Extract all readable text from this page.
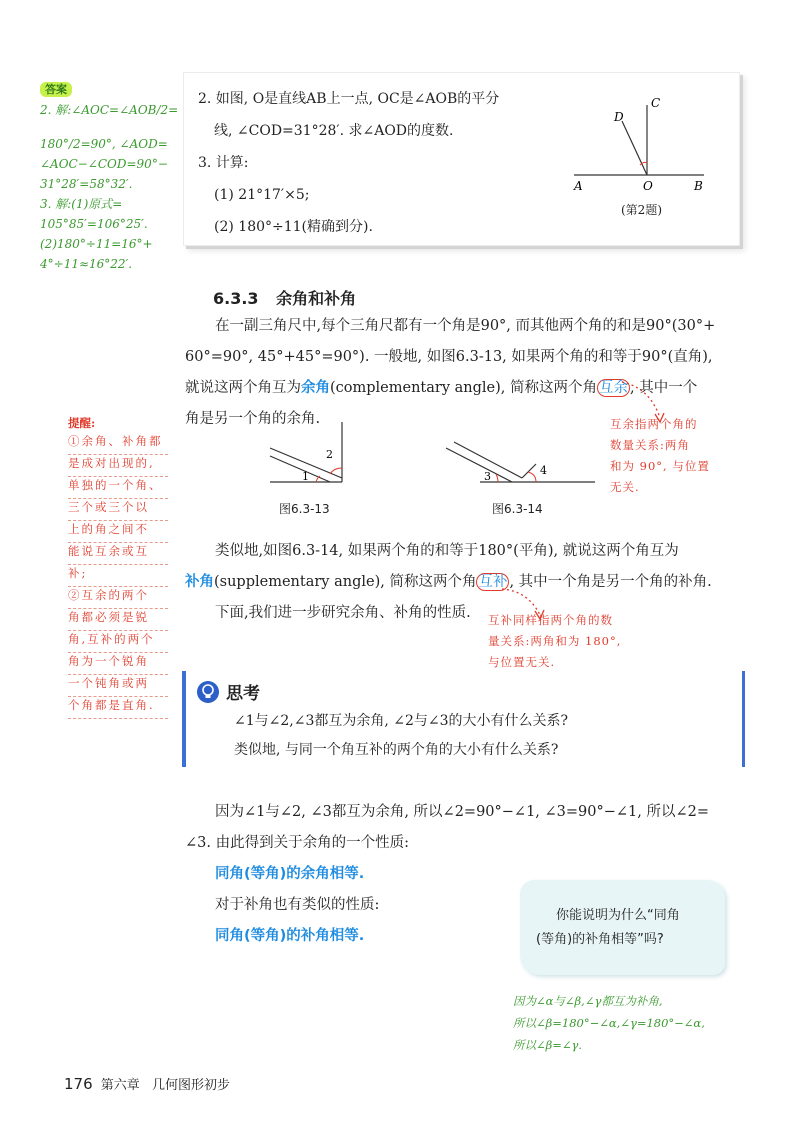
答案
2. 解:∠AOC=∠AOB/2=
180°/2=90°, ∠AOD=
∠AOC−∠COD=90°−
31°28′=58°32′.
3. 解:(1)原式=
105°85′=106°25′.
(2)180°÷11=16°+
4°÷11≈16°22′.
2. 如图, O是直线AB上一点, OC是∠AOB的平分
线, ∠COD=31°28′. 求∠AOD的度数.
3. 计算:
(1) 21°17′×5;
(2) 180°÷11(精确到分).
A	O	B
C
D
(第2题)
6.3.3 余角和补角
在一副三角尺中,每个三角尺都有一个角是90°, 而其他两个角的和是90°(30°+
60°=90°, 45°+45°=90°). 一般地, 如图6.3-13, 如果两个角的和等于90°(直角),
就说这两个角互为余角(complementary angle), 简称这两个角 互余 , 其中一个
角是另一个角的余角.	互余指两个角的
数量关系:两角
和为 90°, 与位置
无关.
提醒:
①余角、补角都
是成对出现的,
单独的一个角、
三个或三个以
上的角之间不
能说互余或互
补;
②互余的两个
角都必须是锐
角,互补的两个
角为一个锐角
一个钝角或两
个角都是直角.
2
1
图6.3-13
3	4
图6.3-14
类似地,如图6.3-14, 如果两个角的和等于180°(平角), 就说这两个角互为
补角(supplementary angle), 简称这两个角 互补 , 其中一个角是另一个角的补角.
下面,我们进一步研究余角、补角的性质.	互补同样指两个角的数
量关系:两角和为 180°,
与位置无关.
思考
∠1与∠2,∠3都互为余角, ∠2与∠3的大小有什么关系?
类似地, 与同一个角互补的两个角的大小有什么关系?
因为∠1与∠2, ∠3都互为余角, 所以∠2=90°−∠1, ∠3=90°−∠1, 所以∠2=
∠3. 由此得到关于余角的一个性质:
同角(等角)的余角相等.
对于补角也有类似的性质:
同角(等角)的补角相等.
你能说明为什么“同角
(等角)的补角相等”吗?
因为∠α与∠β,∠γ都互为补角,
所以∠β=180°−∠α,∠γ=180°−∠α,
所以∠β=∠γ.
176 第六章 几何图形初步
